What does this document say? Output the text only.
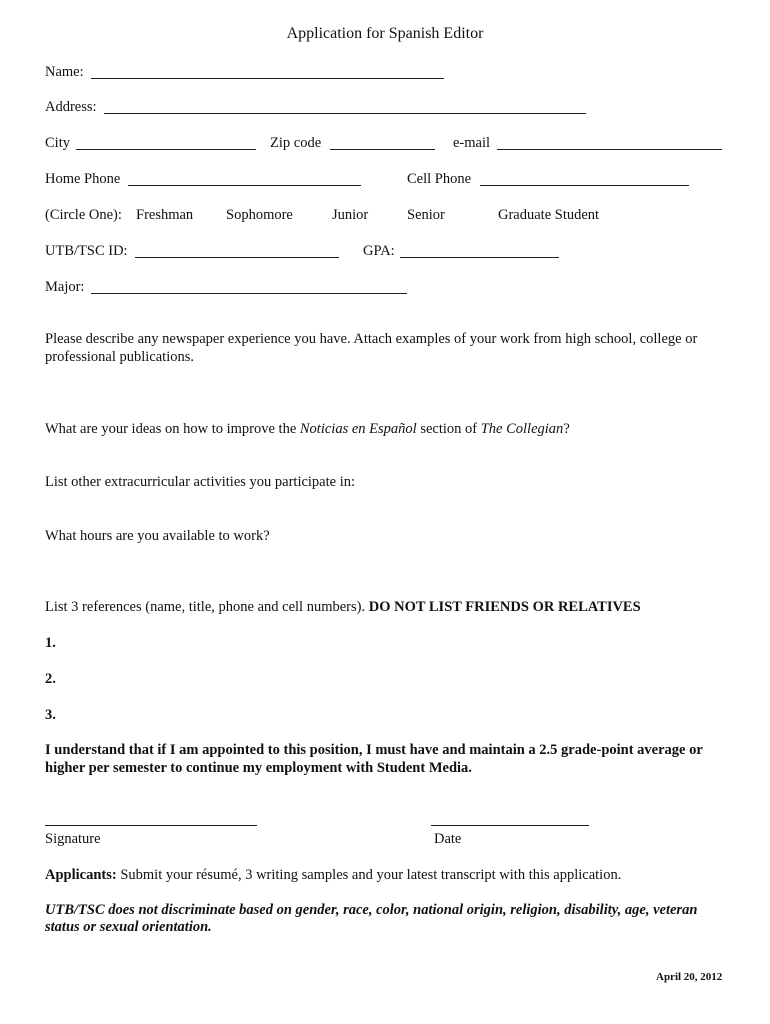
Application for Spanish Editor
Name:
Address:
City	Zip code	e-mail
Home Phone	Cell Phone
(Circle One): Freshman Sophomore	Junior	Senior	Graduate Student
UTB/TSC ID:	GPA:
Major:
Please describe any newspaper experience you have. Attach examples of your work from high school, college or professional publications.
What are your ideas on how to improve the Noticias en Español section of The Collegian?
List other extracurricular activities you participate in:
What hours are you available to work?
List 3 references (name, title, phone and cell numbers). DO NOT LIST FRIENDS OR RELATIVES
1.
2.
3.
I understand that if I am appointed to this position, I must have and maintain a 2.5 grade-point average or higher per semester to continue my employment with Student Media.
Signature	Date
Applicants: Submit your résumé, 3 writing samples and your latest transcript with this application.
UTB/TSC does not discriminate based on gender, race, color, national origin, religion, disability, age, veteran status or sexual orientation.
April 20, 2012
